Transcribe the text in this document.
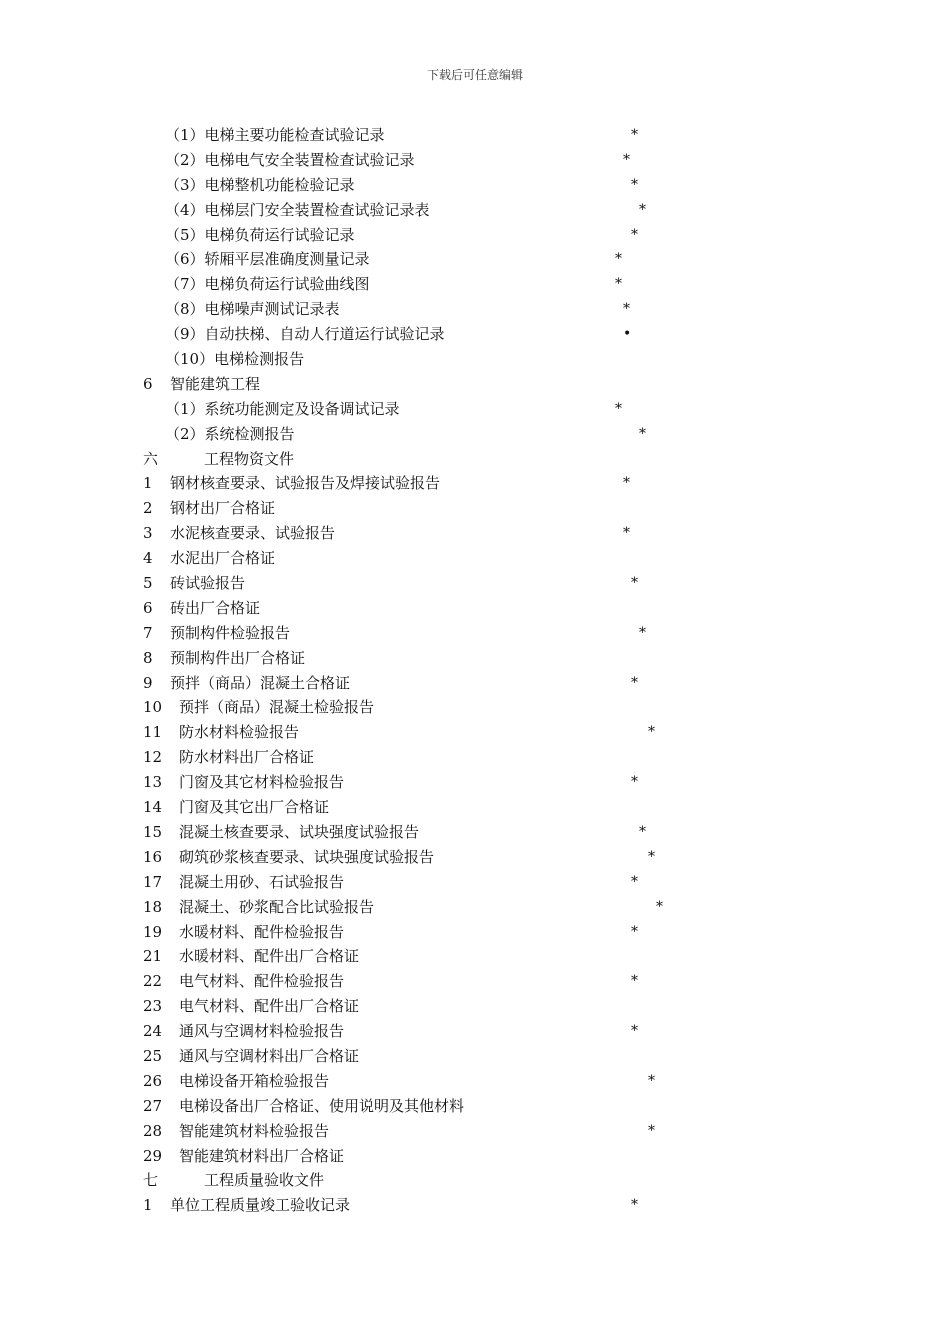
下载后可任意编辑
（1）电梯主要功能检查试验记录	*
（2）电梯电气安全装置检查试验记录	*
（3）电梯整机功能检验记录	*
（4）电梯层门安全装置检查试验记录表	*
（5）电梯负荷运行试验记录	*
（6）轿厢平层准确度测量记录	*
（7）电梯负荷运行试验曲线图	*
（8）电梯噪声测试记录表	*
（9）自动扶梯、自动人行道运行试验记录	•
（10）电梯检测报告
6 智能建筑工程
（1）系统功能测定及设备调试记录	*
（2）系统检测报告	*
六	工程物资文件
1 钢材核查要录、试验报告及焊接试验报告	*
2 钢材出厂合格证
3 水泥核查要录、试验报告	*
4 水泥出厂合格证
5 砖试验报告	*
6 砖出厂合格证
7 预制构件检验报告	*
8 预制构件出厂合格证
9 预拌（商品）混凝土合格证	*
10 预拌（商品）混凝土检验报告
11 防水材料检验报告	*
12 防水材料出厂合格证
13 门窗及其它材料检验报告	*
14 门窗及其它出厂合格证
15 混凝土核查要录、试块强度试验报告	*
16 砌筑砂浆核查要录、试块强度试验报告	*
17 混凝土用砂、石试验报告	*
18 混凝土、砂浆配合比试验报告	*
19 水暖材料、配件检验报告	*
21 水暖材料、配件出厂合格证
22 电气材料、配件检验报告	*
23 电气材料、配件出厂合格证
24 通风与空调材料检验报告	*
25 通风与空调材料出厂合格证
26 电梯设备开箱检验报告	*
27 电梯设备出厂合格证、使用说明及其他材料
28 智能建筑材料检验报告	*
29 智能建筑材料出厂合格证
七	工程质量验收文件
1 单位工程质量竣工验收记录	*
